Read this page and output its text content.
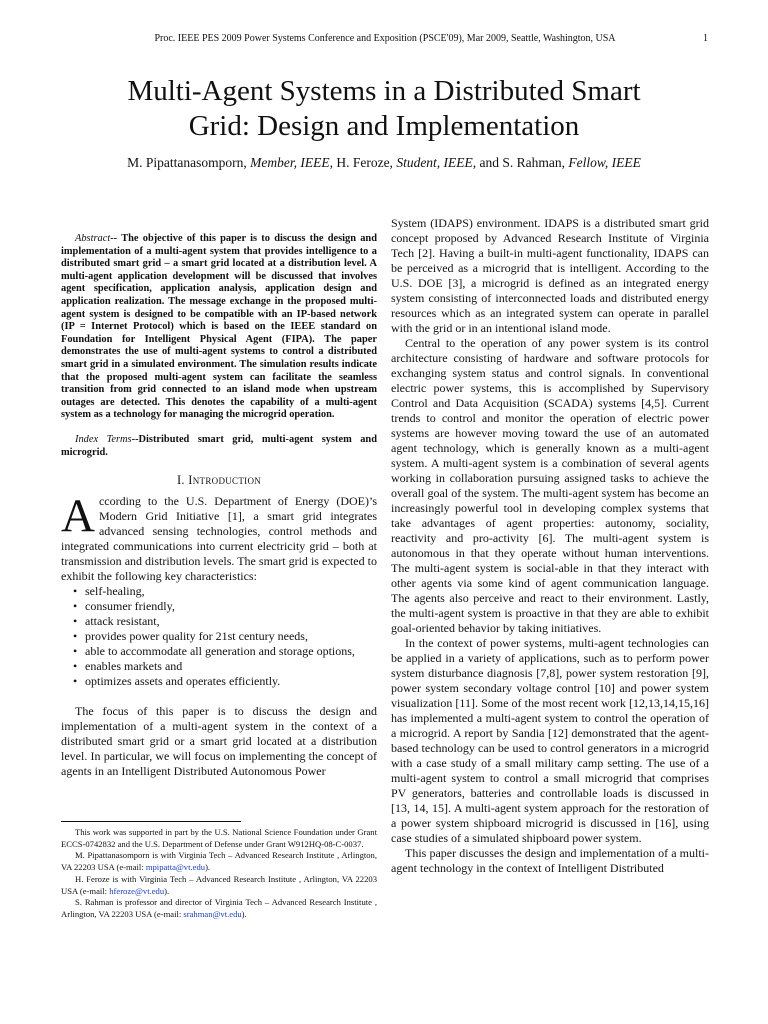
Proc. IEEE PES 2009 Power Systems Conference and Exposition (PSCE'09), Mar 2009, Seattle, Washington, USA	1
Multi-Agent Systems in a Distributed Smart
Grid: Design and Implementation
M. Pipattanasomporn, Member, IEEE, H. Feroze, Student, IEEE, and S. Rahman, Fellow, IEEE

Abstract-- The objective of this paper is to discuss the design and implementation of a multi-agent system that provides intelligence to a distributed smart grid – a smart grid located at a distribution level. A multi-agent application development will be discussed that involves agent specification, application analysis, application design and application realization. The message exchange in the proposed multi-agent system is designed to be compatible with an IP-based network (IP = Internet Protocol) which is based on the IEEE standard on Foundation for Intelligent Physical Agent (FIPA). The paper demonstrates the use of multi-agent systems to control a distributed smart grid in a simulated environment. The simulation results indicate that the proposed multi-agent system can facilitate the seamless transition from grid connected to an island mode when upstream outages are detected. This denotes the capability of a multi-agent system as a technology for managing the microgrid operation.

Index Terms--Distributed smart grid, multi-agent system and microgrid.

I. Introduction

According to the U.S. Department of Energy (DOE)’s Modern Grid Initiative [1], a smart grid integrates advanced sensing technologies, control methods and integrated communications into current electricity grid – both at transmission and distribution levels. The smart grid is expected to exhibit the following key characteristics:

• self-healing,
• consumer friendly,
• attack resistant,
• provides power quality for 21st century needs,
• able to accommodate all generation and storage options,
• enables markets and
• optimizes assets and operates efficiently.

The focus of this paper is to discuss the design and implementation of a multi-agent system in the context of a distributed smart grid or a smart grid located at a distribution level. In particular, we will focus on implementing the concept of agents in an Intelligent Distributed Autonomous Power

This work was supported in part by the U.S. National Science Foundation under Grant ECCS-0742832 and the U.S. Department of Defense under Grant W912HQ-08-C-0037.

M. Pipattanasomporn is with Virginia Tech – Advanced Research Institute , Arlington, VA 22203 USA (e-mail: mpipatta@vt.edu).

H. Feroze is with Virginia Tech – Advanced Research Institute , Arlington, VA 22203 USA (e-mail: hferoze@vt.edu).

S. Rahman is professor and director of Virginia Tech – Advanced Research Institute , Arlington, VA 22203 USA (e-mail: srahman@vt.edu).

System (IDAPS) environment. IDAPS is a distributed smart grid concept proposed by Advanced Research Institute of Virginia Tech [2]. Having a built-in multi-agent functionality, IDAPS can be perceived as a microgrid that is intelligent. According to the U.S. DOE [3], a microgrid is defined as an integrated energy system consisting of interconnected loads and distributed energy resources which as an integrated system can operate in parallel with the grid or in an intentional island mode.

Central to the operation of any power system is its control architecture consisting of hardware and software protocols for exchanging system status and control signals. In conventional electric power systems, this is accomplished by Supervisory Control and Data Acquisition (SCADA) systems [4,5]. Current trends to control and monitor the operation of electric power systems are however moving toward the use of an automated agent technology, which is generally known as a multi-agent system. A multi-agent system is a combination of several agents working in collaboration pursuing assigned tasks to achieve the overall goal of the system. The multi-agent system has become an increasingly powerful tool in developing complex systems that take advantages of agent properties: autonomy, sociality, reactivity and pro-activity [6]. The multi-agent system is autonomous in that they operate without human interventions. The multi-agent system is social-able in that they interact with other agents via some kind of agent communication language. The agents also perceive and react to their environment. Lastly, the multi-agent system is proactive in that they are able to exhibit goal-oriented behavior by taking initiatives.

In the context of power systems, multi-agent technologies can be applied in a variety of applications, such as to perform power system disturbance diagnosis [7,8], power system restoration [9], power system secondary voltage control [10] and power system visualization [11]. Some of the most recent work [12,13,14,15,16] has implemented a multi-agent system to control the operation of a microgrid. A report by Sandia [12] demonstrated that the agent-based technology can be used to control generators in a microgrid with a case study of a small military camp setting. The use of a multi-agent system to control a small microgrid that comprises PV generators, batteries and controllable loads is discussed in [13, 14, 15]. A multi-agent system approach for the restoration of a power system shipboard microgrid is discussed in [16], using case studies of a simulated shipboard power system.

This paper discusses the design and implementation of a multi-agent technology in the context of Intelligent Distributed
